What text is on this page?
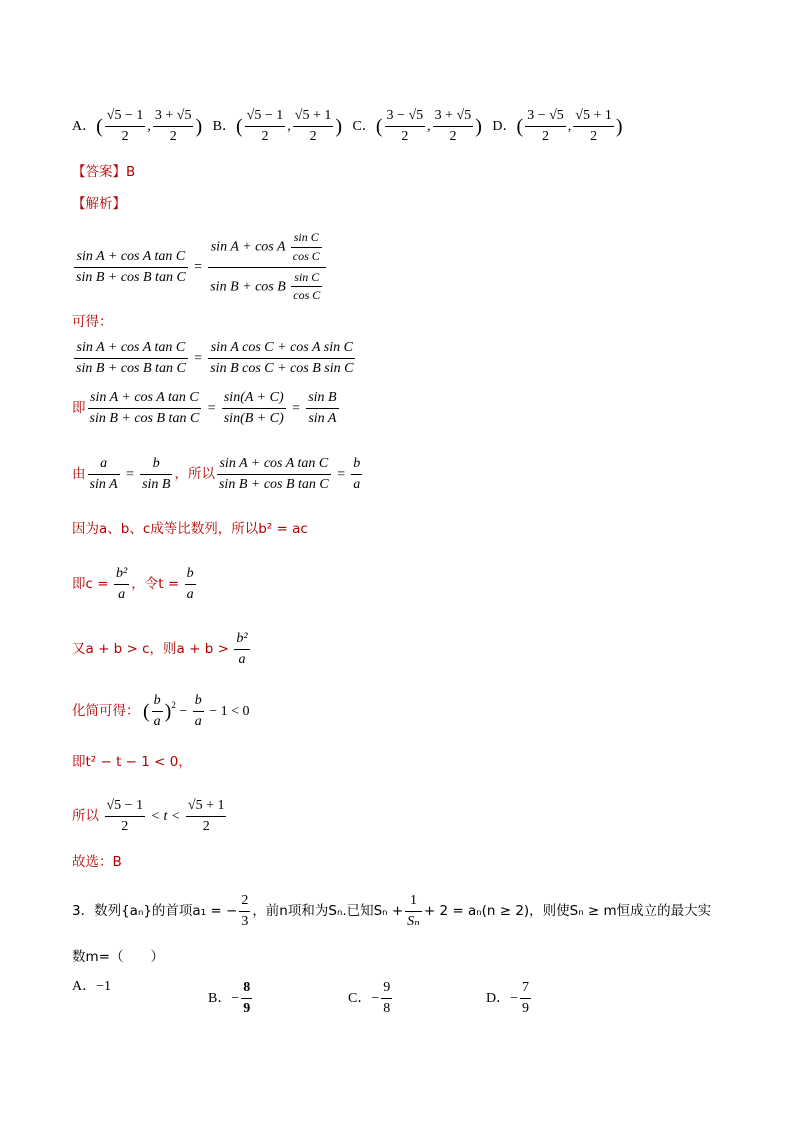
A．( $\frac{√5 - 1}{2}$ , $\frac{3 + √5}{2}$ ) B．( $\frac{√5 - 1}{2}$ , $\frac{√5 + 1}{2}$ ) C．( $\frac{3 - √5}{2}$ , $\frac{3 + √5}{2}$ ) D．( $\frac{3 - √5}{2}$ , $\frac{√5 + 1}{2}$ )
【答案】B
【解析】
$\frac{\text{sin A + cos A tan C}}{\text{sin B + cos B tan C}} = \frac{\sin A + \cos A \frac{\text{sin C}}{\text{cos C}}}{\sin B + \cos B \frac{\text{sin C}}{\text{cos C}}}$
可得：
$\frac{\text{sin A + cos A tan C}}{\text{sin B + cos B tan C}} = \frac{\text{sin A cos C + cos A sin C}}{\text{sin B cos C + cos B sin C}}$
即 $\frac{\text{sin A + cos A tan C}}{\text{sin B + cos B tan C}} = \frac{\sin(A + C)}{\sin(B + C)} = \frac{\text{sin B}}{\text{sin A}}$
由 $\frac{a}{\text{sin A}} = \frac{b}{\text{sin B}}$ ，所以 $\frac{\text{sin A + cos A tan C}}{\text{sin B + cos B tan C}} = \frac{b}{a}$
因为a、b、c成等比数列，所以b² = ac
即$c = \frac{\text{b²}}{a}$ ，令$t = \frac{b}{a}$
又a + b > c，则$a + b > \frac{\text{b²}}{a}$
化简可得： ( $\frac{b}{a} )^2 - \frac{b}{a} - 1 < 0$
即t² − t − 1 < 0，
所以 $\frac{√5 - 1}{2} < t < \frac{√5 + 1}{2}$
故选：B
3．数列{aₙ}的首项a₁ = − $\frac{2}{3}$ ，前n项和为Sₙ.已知$S_n + \frac{1}{\text{Sₙ}} + 2 = a_n(n \ge 2)$，则使Sₙ ≥ m恒成立的最大实
数m=（　　）
A．−1
B．− $\frac{8}{9}$	C．− $\frac{9}{8}$	D．− $\frac{7}{9}$
